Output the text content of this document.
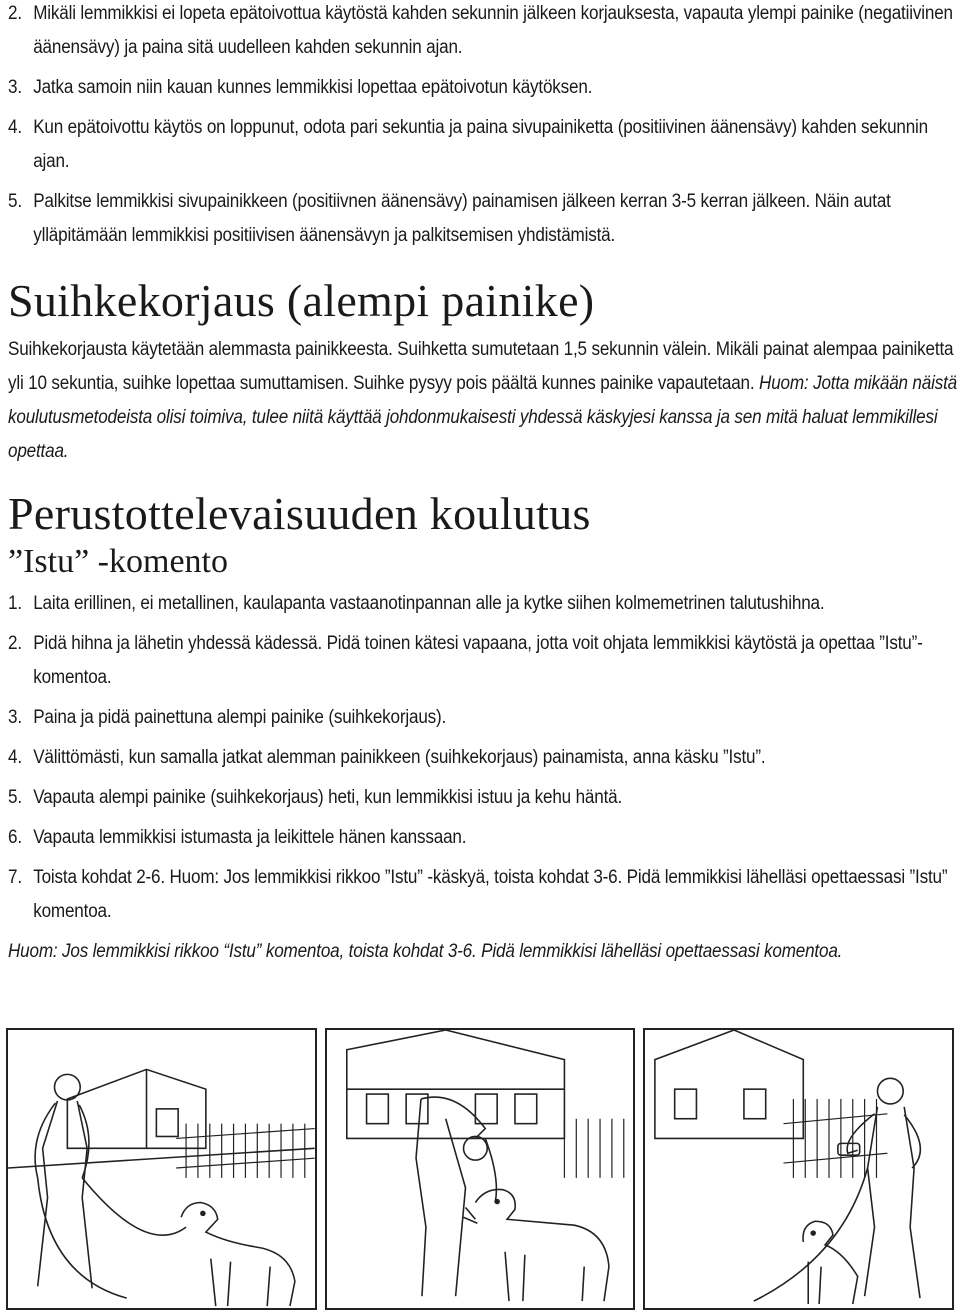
2. Mikäli lemmikkisi ei lopeta epätoivottua käytöstä kahden sekunnin jälkeen korjauksesta, vapauta ylempi painike (negatiivinen äänensävy) ja paina sitä uudelleen kahden sekunnin ajan.
3. Jatka samoin niin kauan kunnes lemmikkisi lopettaa epätoivotun käytöksen.
4. Kun epätoivottu käytös on loppunut, odota pari sekuntia ja paina sivupainiketta (positiivinen äänensävy) kahden sekunnin ajan.
5. Palkitse lemmikkisi sivupainikkeen (positiivnen äänensävy) painamisen jälkeen kerran 3-5 kerran jälkeen. Näin autat ylläpitämään lemmikkisi positiivisen äänensävyn ja palkitsemisen yhdistämistä.
Suihkekorjaus (alempi painike)
Suihkekorjausta käytetään alemmasta painikkeesta. Suihketta sumutetaan 1,5 sekunnin välein. Mikäli painat alempaa painiketta yli 10 sekuntia, suihke lopettaa sumuttamisen. Suihke pysyy pois päältä kunnes painike vapautetaan. Huom: Jotta mikään näistä koulutusmetodeista olisi toimiva, tulee niitä käyttää johdonmukaisesti yhdessä käskyjesi kanssa ja sen mitä haluat lemmikillesi opettaa.
Perustottelevaisuuden koulutus
”Istu” -komento
1. Laita erillinen, ei metallinen, kaulapanta vastaanotinpannan alle ja kytke siihen kolmemetrinen talutushihna.
2. Pidä hihna ja lähetin yhdessä kädessä. Pidä toinen kätesi vapaana, jotta voit ohjata lemmikkisi käytöstä ja opettaa ”Istu”-komentoa.
3. Paina ja pidä painettuna alempi painike (suihkekorjaus).
4. Välittömästi, kun samalla jatkat alemman painikkeen (suihkekorjaus) painamista, anna käsku ”Istu”.
5. Vapauta alempi painike (suihkekorjaus) heti, kun lemmikkisi istuu ja kehu häntä.
6. Vapauta lemmikkisi istumasta ja leikittele hänen kanssaan.
7. Toista kohdat 2-6. Huom: Jos lemmikkisi rikkoo ”Istu” -käskyä, toista kohdat 3-6. Pidä lemmikkisi lähelläsi opettaessasi ”Istu” komentoa.
Huom: Jos lemmikkisi rikkoo “Istu” komentoa, toista kohdat 3-6. Pidä lemmikkisi lähelläsi opettaessasi komentoa.
